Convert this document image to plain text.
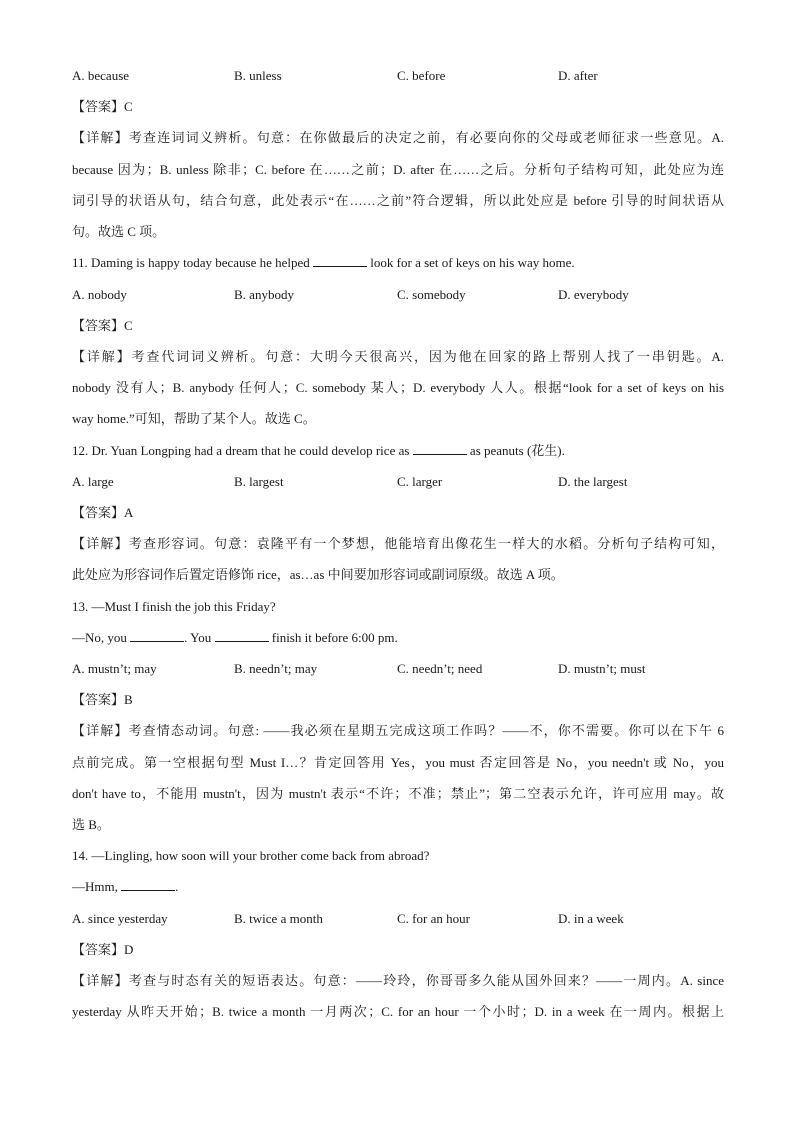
A. because	B. unless	C. before	D. after
【答案】C
【详解】考查连词词义辨析。句意：在你做最后的决定之前，有必要向你的父母或老师征求一些意见。A.
because 因为；B. unless 除非；C. before 在……之前；D. after 在……之后。分析句子结构可知，此处应为连
词引导的状语从句，结合句意，此处表示“在……之前”符合逻辑，所以此处应是 before 引导的时间状语从
句。故选 C 项。
11. Daming is happy today because he helped	look for a set of keys on his way home.
A. nobody	B. anybody	C. somebody	D. everybody
【答案】C
【详解】考查代词词义辨析。句意：大明今天很高兴，因为他在回家的路上帮别人找了一串钥匙。A.
nobody 没有人；B. anybody 任何人；C. somebody 某人；D. everybody 人人。根据“look for a set of keys on his
way home.”可知，帮助了某个人。故选 C。
12. Dr. Yuan Longping had a dream that he could develop rice as	as peanuts (花生).
A. large	B. largest	C. larger	D. the largest
【答案】A
【详解】考查形容词。句意：袁隆平有一个梦想，他能培育出像花生一样大的水稻。分析句子结构可知，
此处应为形容词作后置定语修饰 rice，as…as 中间要加形容词或副词原级。故选 A 项。
13. —Must I finish the job this Friday?
—No, you	. You	finish it before 6:00 pm.
A. mustn’t; may	B. needn’t; may	C. needn’t; need	D. mustn’t; must
【答案】B
【详解】考查情态动词。句意: ——我必须在星期五完成这项工作吗？——不，你不需要。你可以在下午 6
点前完成。第一空根据句型 Must I…？肯定回答用 Yes，you must 否定回答是 No，you needn't 或 No，you
don't have to，不能用 mustn't，因为 mustn't 表示“不许；不准；禁止”；第二空表示允许，许可应用 may。故
选 B。
14. —Lingling, how soon will your brother come back from abroad?
—Hmm,	.
A. since yesterday	B. twice a month	C. for an hour	D. in a week
【答案】D
【详解】考查与时态有关的短语表达。句意：——玲玲，你哥哥多久能从国外回来？——一周内。A. since
yesterday 从昨天开始；B. twice a month 一月两次；C. for an hour 一个小时；D. in a week 在一周内。根据上
